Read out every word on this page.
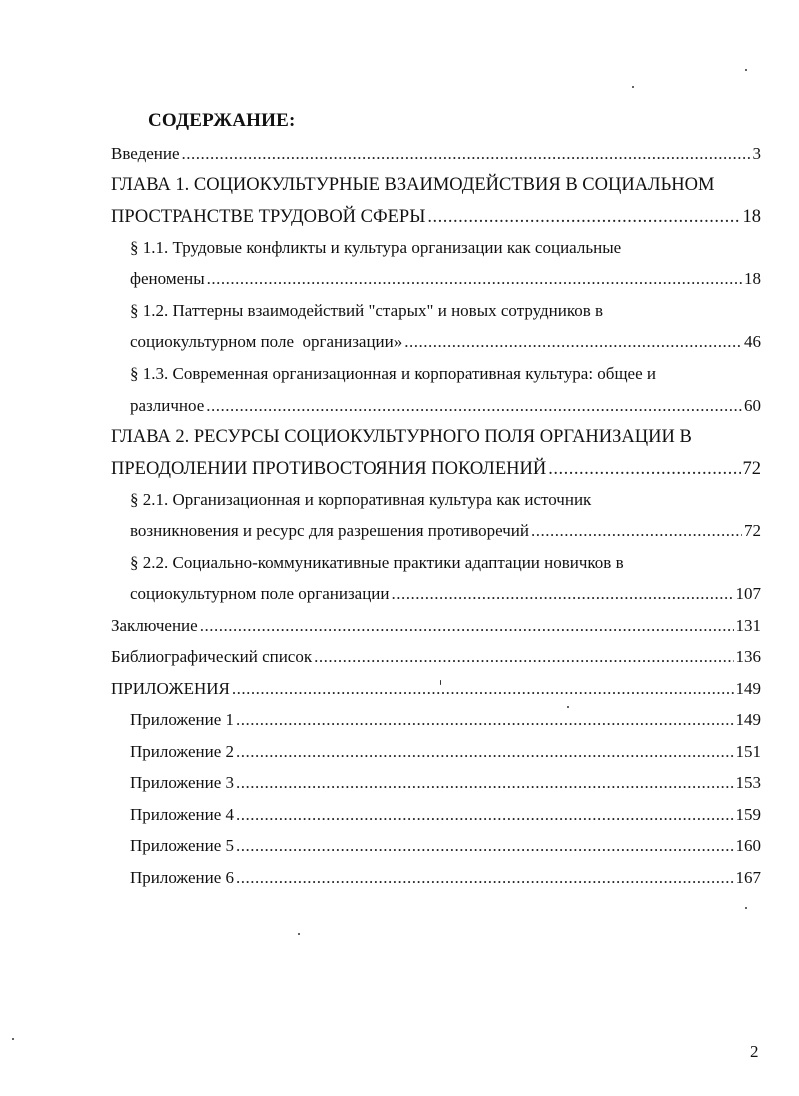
СОДЕРЖАНИЕ:
Введение .....	3
ГЛАВА 1. СОЦИОКУЛЬТУРНЫЕ ВЗАИМОДЕЙСТВИЯ В СОЦИАЛЬНОМ
ПРОСТРАНСТВЕ ТРУДОВОЙ СФЕРЫ .....	18
§ 1.1. Трудовые конфликты и культура организации как социальные
феномены .....	18
§ 1.2. Паттерны взаимодействий "старых" и новых сотрудников в
социокультурном поле  организации» .....	46
§ 1.3. Современная организационная и корпоративная культура: общее и
различное .....	60
ГЛАВА 2. РЕСУРСЫ СОЦИОКУЛЬТУРНОГО ПОЛЯ ОРГАНИЗАЦИИ В
ПРЕОДОЛЕНИИ ПРОТИВОСТОЯНИЯ ПОКОЛЕНИЙ .....	72
§ 2.1. Организационная и корпоративная культура как источник
возникновения и ресурс для разрешения противоречий .....	72
§ 2.2. Социально-коммуникативные практики адаптации новичков в
социокультурном поле организации .....	107
Заключение .....	131
Библиографический список .....	136
ПРИЛОЖЕНИЯ .....	149
Приложение 1 .....	149
Приложение 2 .....	151
Приложение 3 .....	153
Приложение 4 .....	159
Приложение 5 .....	160
Приложение 6 .....	167
2
